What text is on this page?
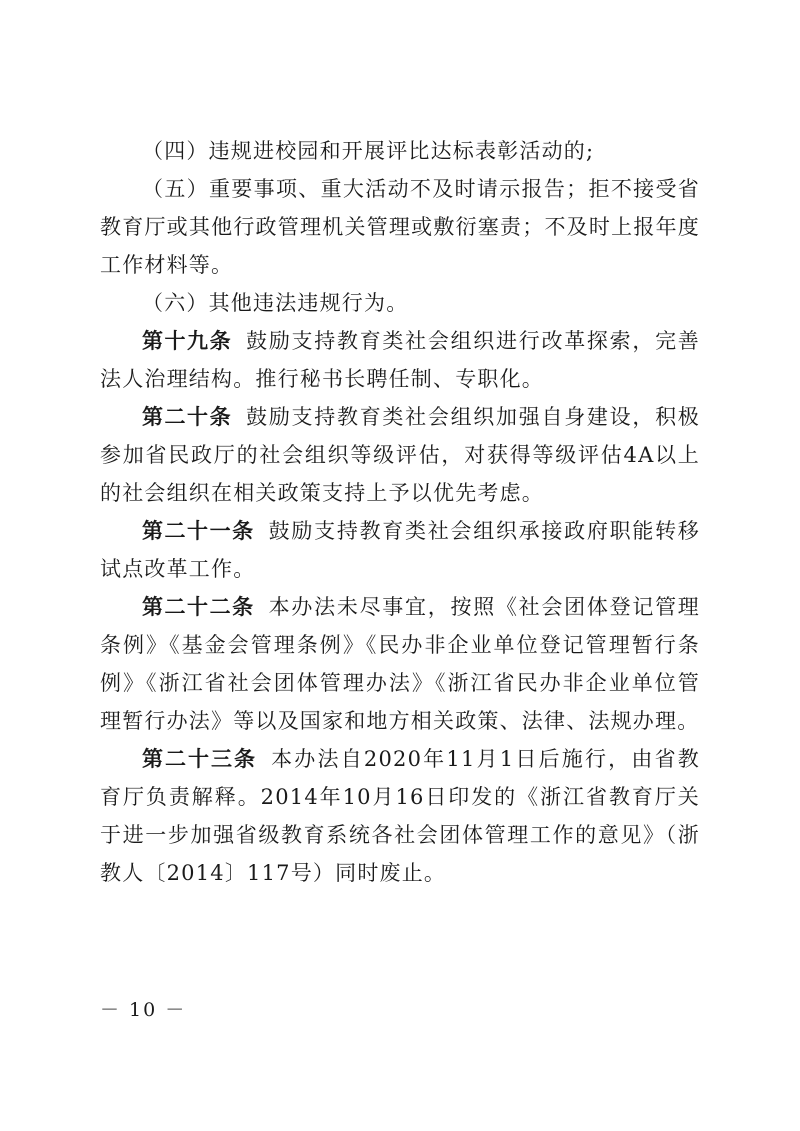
（四）违规进校园和开展评比达标表彰活动的;

（五）重要事项、重大活动不及时请示报告；拒不接受省教育厅或其他行政管理机关管理或敷衍塞责；不及时上报年度工作材料等。

（六）其他违法违规行为。

第十九条 鼓励支持教育类社会组织进行改革探索，完善法人治理结构。推行秘书长聘任制、专职化。

第二十条 鼓励支持教育类社会组织加强自身建设，积极参加省民政厅的社会组织等级评估，对获得等级评估4A以上的社会组织在相关政策支持上予以优先考虑。

第二十一条 鼓励支持教育类社会组织承接政府职能转移试点改革工作。

第二十二条 本办法未尽事宜，按照《社会团体登记管理条例》《基金会管理条例》《民办非企业单位登记管理暂行条例》《浙江省社会团体管理办法》《浙江省民办非企业单位管理暂行办法》等以及国家和地方相关政策、法律、法规办理。

第二十三条 本办法自2020年11月1日后施行，由省教育厅负责解释。2014年10月16日印发的《浙江省教育厅关于进一步加强省级教育系统各社会团体管理工作的意见》（浙教人〔2014〕117号）同时废止。

－ 10 －
